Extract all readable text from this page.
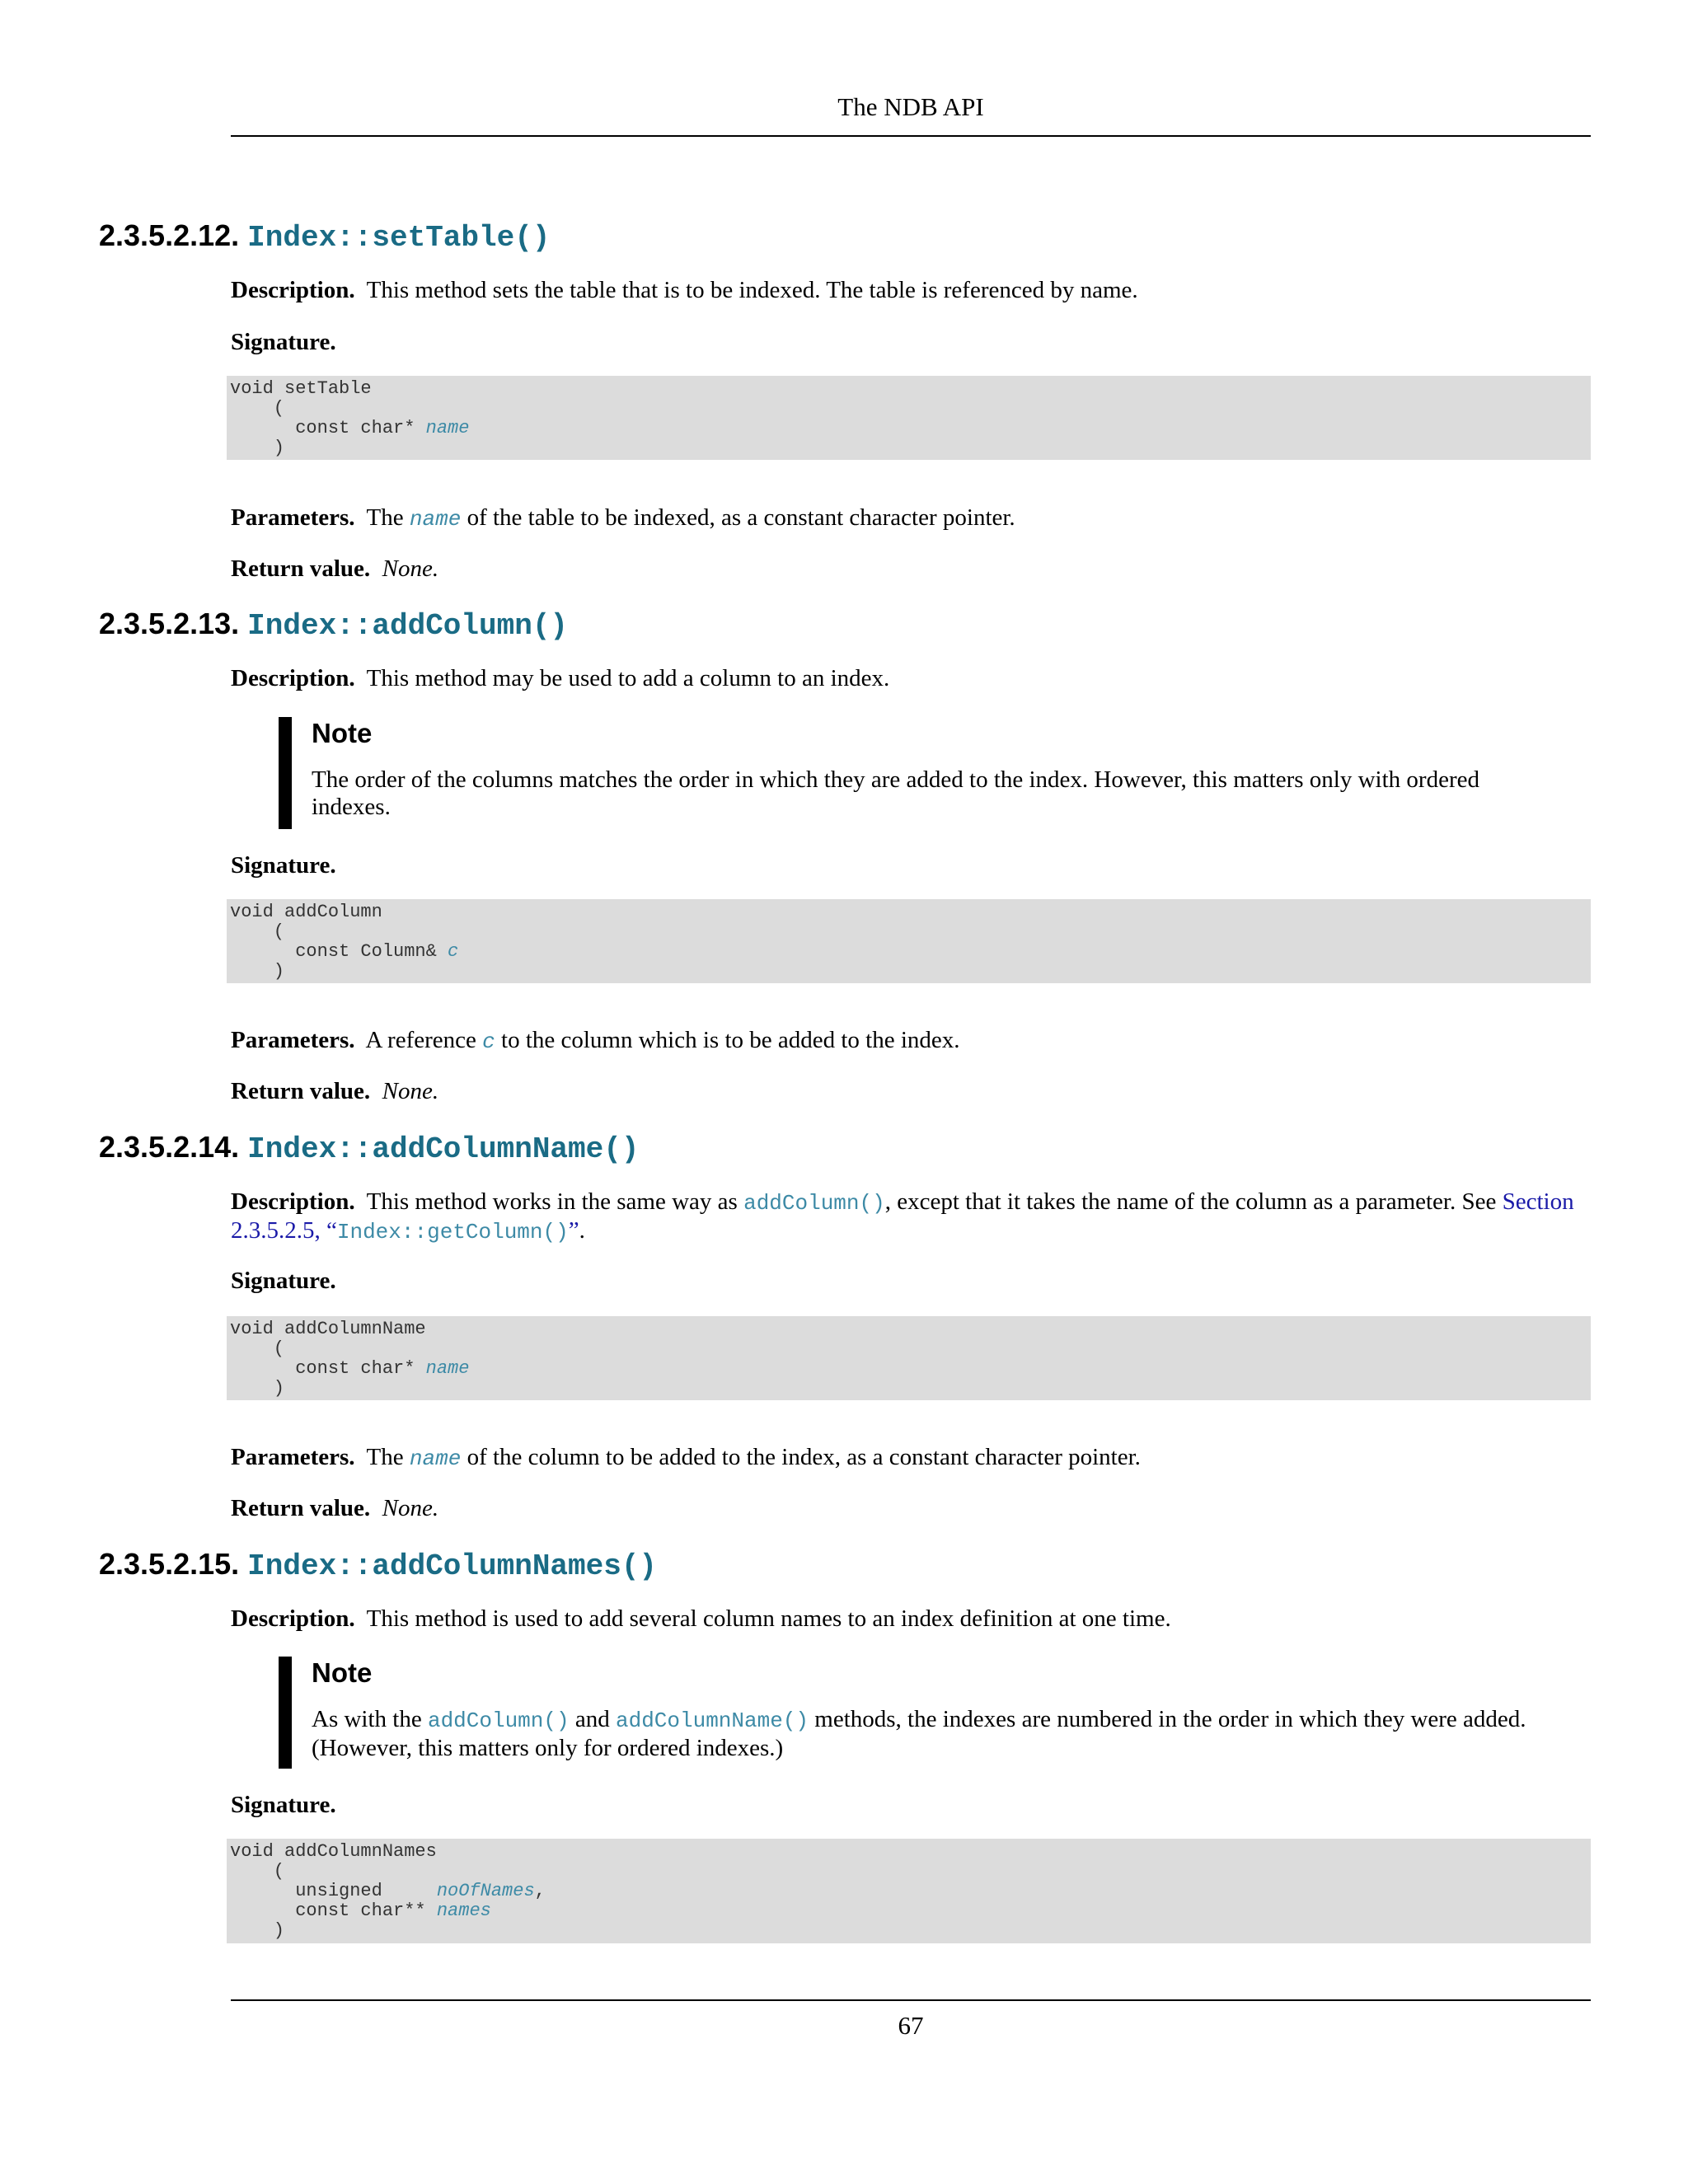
The NDB API
2.3.5.2.12. Index::setTable()

Description. This method sets the table that is to be indexed. The table is referenced by name.

Signature.

void setTable
(
const char* name
)

Parameters. The name of the table to be indexed, as a constant character pointer.

Return value. None.

2.3.5.2.13. Index::addColumn()

Description. This method may be used to add a column to an index.

Note

The order of the columns matches the order in which they are added to the index. However, this matters only with ordered indexes.

Signature.

void addColumn
(
const Column& c
)

Parameters. A reference c to the column which is to be added to the index.

Return value. None.

2.3.5.2.14. Index::addColumnName()

Description. This method works in the same way as addColumn(), except that it takes the name of the column as a parameter. See Section 2.3.5.2.5, “Index::getColumn()”.

Signature.

void addColumnName
(
const char* name
)

Parameters. The name of the column to be added to the index, as a constant character pointer.

Return value. None.

2.3.5.2.15. Index::addColumnNames()

Description. This method is used to add several column names to an index definition at one time.

Note

As with the addColumn() and addColumnName() methods, the indexes are numbered in the order in which they were added. (However, this matters only for ordered indexes.)

Signature.

void addColumnNames
(
unsigned     noOfNames,
const char** names
)
67
